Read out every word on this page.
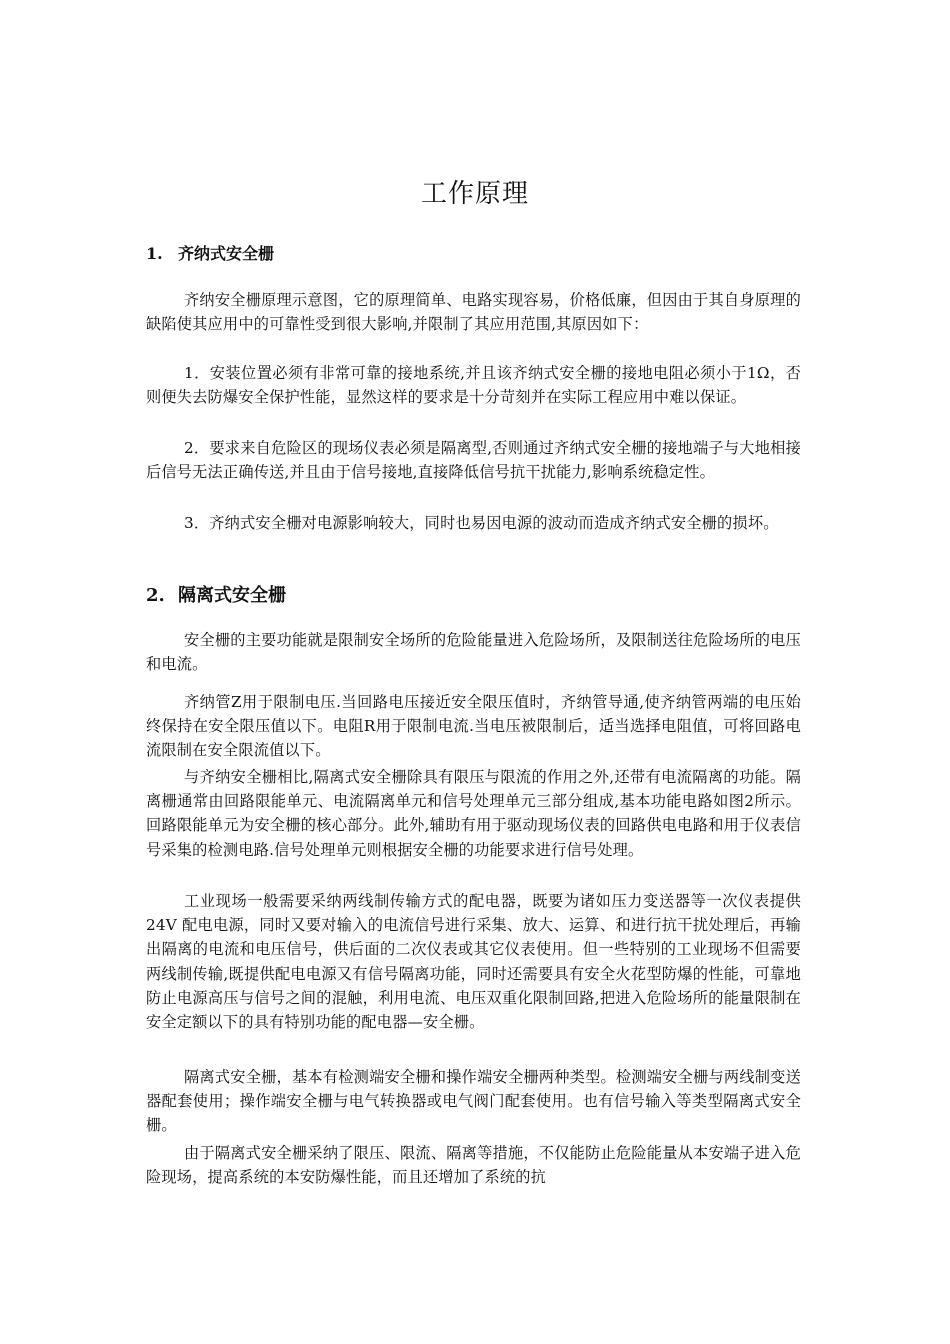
工作原理
1. 齐纳式安全栅

齐纳安全栅原理示意图，它的原理简单、电路实现容易，价格低廉，但因由于其自身原理的缺陷使其应用中的可靠性受到很大影响,并限制了其应用范围,其原因如下：

1．安装位置必须有非常可靠的接地系统,并且该齐纳式安全栅的接地电阻必须小于1Ω，否则便失去防爆安全保护性能，显然这样的要求是十分苛刻并在实际工程应用中难以保证。

2．要求来自危险区的现场仪表必须是隔离型,否则通过齐纳式安全栅的接地端子与大地相接后信号无法正确传送,并且由于信号接地,直接降低信号抗干扰能力,影响系统稳定性。

3．齐纳式安全栅对电源影响较大，同时也易因电源的波动而造成齐纳式安全栅的损坏。

2. 隔离式安全栅

安全栅的主要功能就是限制安全场所的危险能量进入危险场所，及限制送往危险场所的电压和电流。

齐纳管Z用于限制电压.当回路电压接近安全限压值时，齐纳管导通,使齐纳管两端的电压始终保持在安全限压值以下。电阻R用于限制电流.当电压被限制后，适当选择电阻值，可将回路电流限制在安全限流值以下。

与齐纳安全栅相比,隔离式安全栅除具有限压与限流的作用之外,还带有电流隔离的功能。隔离栅通常由回路限能单元、电流隔离单元和信号处理单元三部分组成,基本功能电路如图2所示。回路限能单元为安全栅的核心部分。此外,辅助有用于驱动现场仪表的回路供电电路和用于仪表信号采集的检测电路.信号处理单元则根据安全栅的功能要求进行信号处理。

工业现场一般需要采纳两线制传输方式的配电器，既要为诸如压力变送器等一次仪表提供24V 配电电源，同时又要对输入的电流信号进行采集、放大、运算、和进行抗干扰处理后，再输出隔离的电流和电压信号，供后面的二次仪表或其它仪表使用。但一些特别的工业现场不但需要两线制传输,既提供配电电源又有信号隔离功能，同时还需要具有安全火花型防爆的性能，可靠地防止电源高压与信号之间的混触，利用电流、电压双重化限制回路,把进入危险场所的能量限制在安全定额以下的具有特别功能的配电器—安全栅。

隔离式安全栅，基本有检测端安全栅和操作端安全栅两种类型。检测端安全栅与两线制变送器配套使用；操作端安全栅与电气转换器或电气阀门配套使用。也有信号输入等类型隔离式安全栅。

由于隔离式安全栅采纳了限压、限流、隔离等措施，不仅能防止危险能量从本安端子进入危险现场，提高系统的本安防爆性能，而且还增加了系统的抗
